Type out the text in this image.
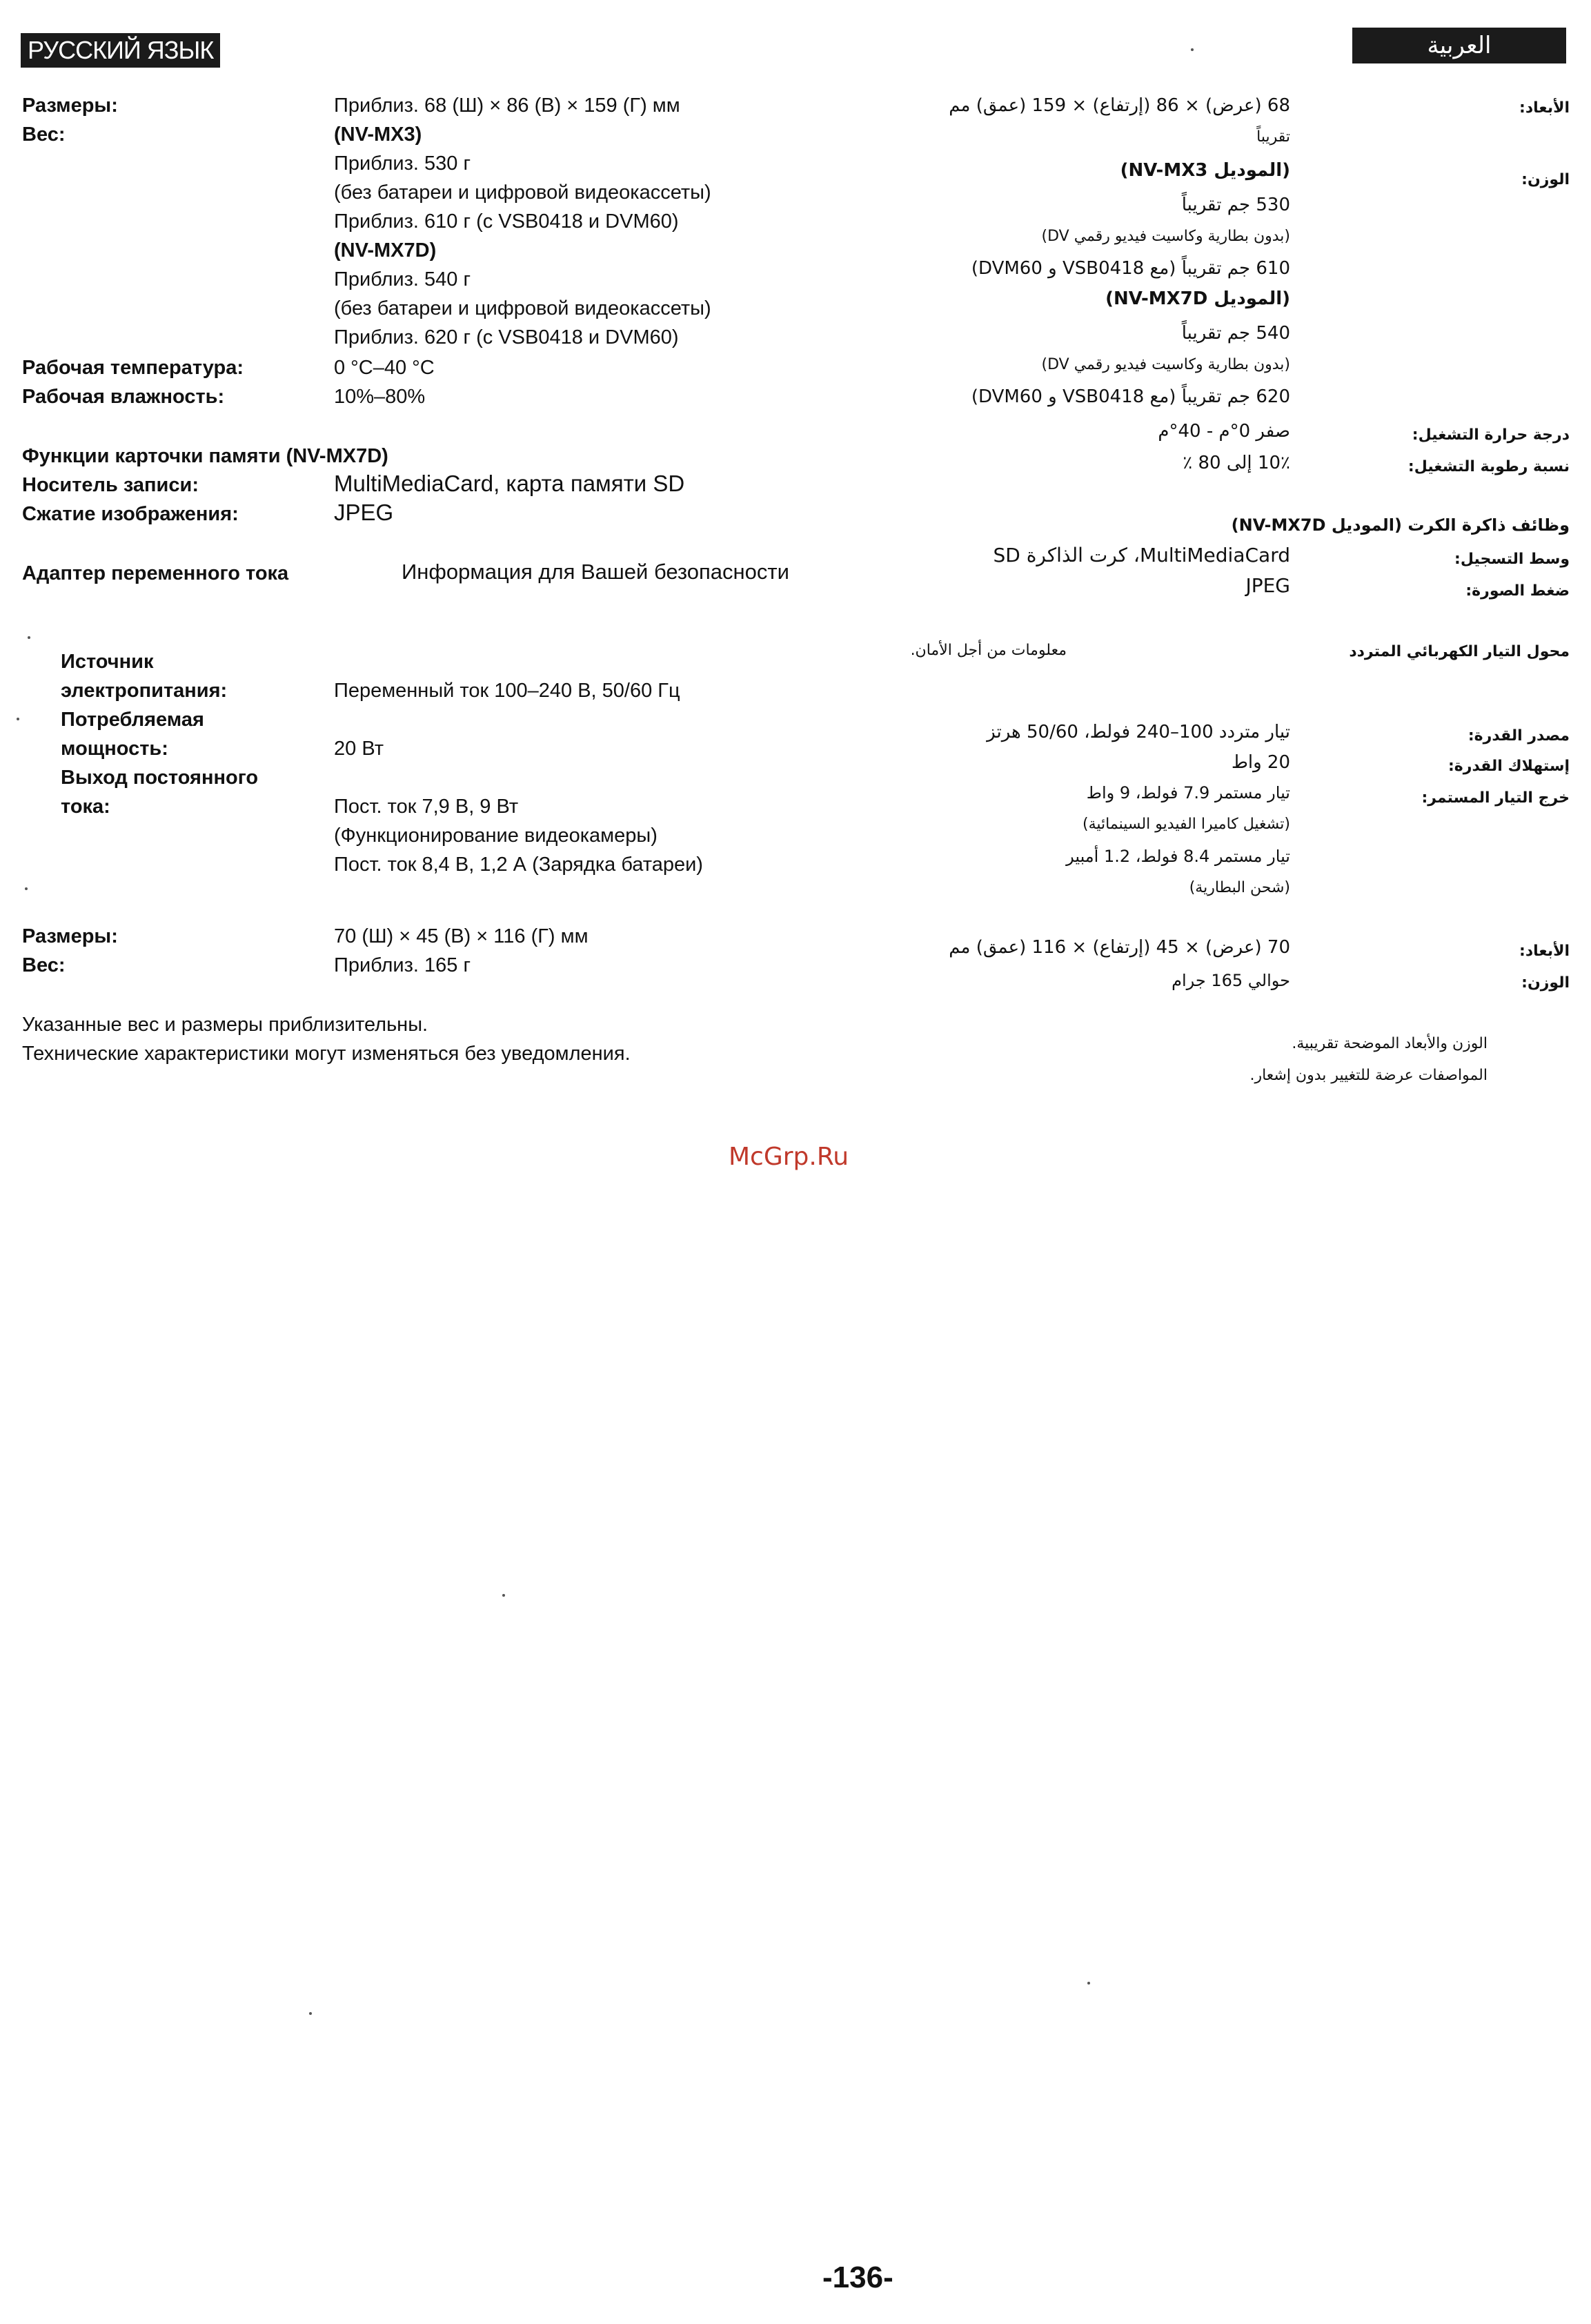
РУССКИЙ ЯЗЫК	العربية
Размеры:	Приблиз. 68 (Ш) × 86 (В) × 159 (Г) мм
Вес:	(NV-MX3)
Приблиз. 530 г
(без батареи и цифровой видеокассеты)
Приблиз. 610 г (с VSB0418 и DVM60)
(NV-MX7D)
Приблиз. 540 г
(без батареи и цифровой видеокассеты)
Приблиз. 620 г (с VSB0418 и DVM60)
Рабочая температура:	0 °C–40 °C
Рабочая влажность:	10%–80%
Функции карточки памяти (NV-MX7D)
Носитель записи:	MultiMediaCard, карта памяти SD
Сжатие изображения:	JPEG
Адаптер переменного тока	Информация для Вашей безопасности
Источник
электропитания:	Переменный ток 100–240 В, 50/60 Гц
Потребляемая
мощность:	20 Вт
Выход постоянного
тока:	Пост. ток 7,9 В, 9 Вт
(Функционирование видеокамеры)
Пост. ток 8,4 В, 1,2 А (Зарядка батареи)
Размеры:	70 (Ш) × 45 (В) × 116 (Г) мм
Вес:	Приблиз. 165 г
Указанные вес и размеры приблизительны.
Технические характеристики могут изменяться без уведомления.
الأبعاد:
68 (عرض) × 86 (إرتفاع) × 159 (عمق) مم
تقريباً
الوزن:
(الموديل NV-MX3)
530 جم تقريباً
(بدون بطارية وكاسيت فيديو رقمي DV)
610 جم تقريباً (مع VSB0418 و DVM60)
(الموديل NV-MX7D)
540 جم تقريباً
(بدون بطارية وكاسيت فيديو رقمي DV)
620 جم تقريباً (مع VSB0418 و DVM60)
درجة حرارة التشغيل:
صفر 0°م - 40°م
نسبة رطوبة التشغيل:
10٪ إلى 80 ٪
وظائف ذاكرة الكرت (الموديل NV-MX7D)
وسط التسجيل:
MultiMediaCard، كرت الذاكرة SD
ضغط الصورة:
JPEG
محول التيار الكهربائي المتردد
معلومات من أجل الأمان.
مصدر القدرة:
تيار متردد 100–240 فولط، 50/60 هرتز
إستهلاك القدرة:
20 واط
خرج التيار المستمر:
تيار مستمر 7.9 فولط، 9 واط
(تشغيل كاميرا الفيديو السينمائية)
تيار مستمر 8.4 فولط، 1.2 أمبير
(شحن البطارية)
الأبعاد:
70 (عرض) × 45 (إرتفاع) × 116 (عمق) مم
الوزن:
حوالي 165 جرام
الوزن والأبعاد الموضحة تقريبية.
المواصفات عرضة للتغيير بدون إشعار.
McGrp.Ru
-136-
